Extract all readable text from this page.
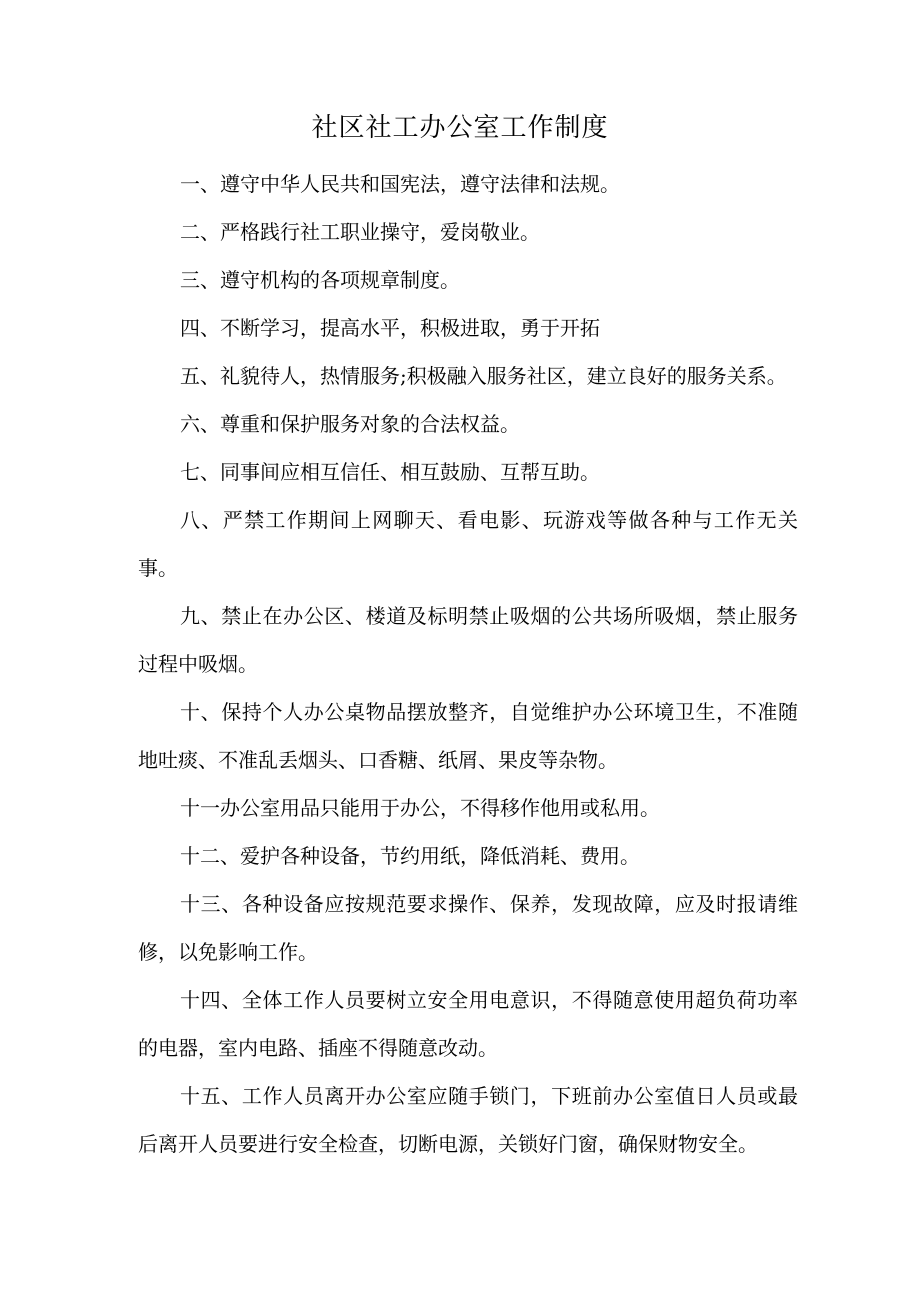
社区社工办公室工作制度

一、遵守中华人民共和国宪法，遵守法律和法规。

二、严格践行社工职业操守，爱岗敬业。

三、遵守机构的各项规章制度。

四、不断学习，提高水平，积极进取，勇于开拓

五、礼貌待人，热情服务;积极融入服务社区，建立良好的服务关系。

六、尊重和保护服务对象的合法权益。

七、同事间应相互信任、相互鼓励、互帮互助。

八、严禁工作期间上网聊天、看电影、玩游戏等做各种与工作无关事。

九、禁止在办公区、楼道及标明禁止吸烟的公共场所吸烟，禁止服务过程中吸烟。

十、保持个人办公桌物品摆放整齐，自觉维护办公环境卫生，不准随地吐痰、不准乱丢烟头、口香糖、纸屑、果皮等杂物。

十一办公室用品只能用于办公，不得移作他用或私用。

十二、爱护各种设备，节约用纸，降低消耗、费用。

十三、各种设备应按规范要求操作、保养，发现故障，应及时报请维修，以免影响工作。

十四、全体工作人员要树立安全用电意识，不得随意使用超负荷功率的电器，室内电路、插座不得随意改动。

十五、工作人员离开办公室应随手锁门，下班前办公室值日人员或最后离开人员要进行安全检查，切断电源，关锁好门窗，确保财物安全。
